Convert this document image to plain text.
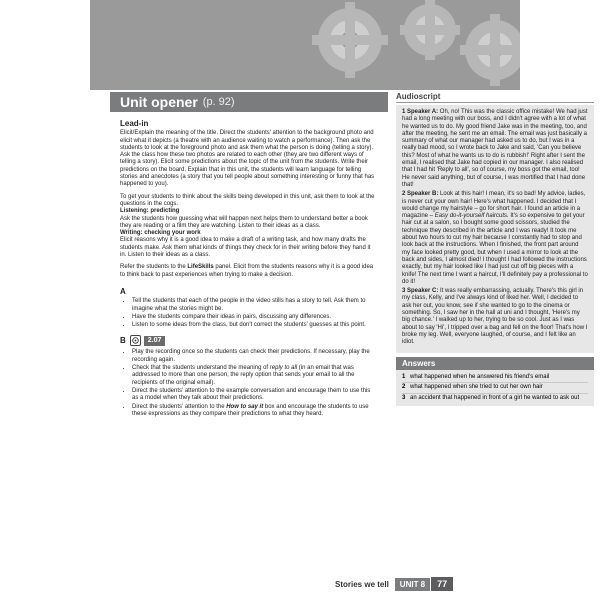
Unit opener (p. 92)
Lead-in

Elicit/Explain the meaning of the title. Direct the students' attention to the background photo and elicit what it depicts (a theatre with an audience waiting to watch a performance). Then ask the students to look at the foreground photo and ask them what the person is doing (telling a story). Ask the class how these two photos are related to each other (they are two different ways of telling a story). Elicit some predictions about the topic of the unit from the students. Write their predictions on the board. Explain that in this unit, the students will learn language for telling stories and anecdotes (a story that you tell people about something interesting or funny that has happened to you).

To get your students to think about the skills being developed in this unit, ask them to look at the questions in the cogs.

Listening: predicting

Ask the students how guessing what will happen next helps them to understand better a book they are reading or a film they are watching. Listen to their ideas as a class.

Writing: checking your work

Elicit reasons why it is a good idea to make a draft of a writing task, and how many drafts the students make. Ask them what kinds of things they check for in their writing before they hand it in. Listen to their ideas as a class.

Refer the students to the LifeSkills panel. Elicit from the students reasons why it is a good idea to think back to past experiences when trying to make a decision.

A
• Tell the students that each of the people in the video stills has a story to tell. Ask them to imagine what the stories might be.
• Have the students compare their ideas in pairs, discussing any differences.
• Listen to some ideas from the class, but don't correct the students' guesses at this point.
B	2.07
• Play the recording once so the students can check their predictions. If necessary, play the recording again.
• Check that the students understand the meaning of reply to all (in an email that was addressed to more than one person, the reply option that sends your email to all the recipients of the original email).
• Direct the students' attention to the example conversation and encourage them to use this as a model when they talk about their predictions.
• Direct the students' attention to the How to say it box and encourage the students to use these expressions as they compare their predictions to what they heard.
Audioscript

1 Speaker A: Oh, no! This was the classic office mistake! We had just had a long meeting with our boss, and I didn't agree with a lot of what he wanted us to do. My good friend Jake was in the meeting, too, and after the meeting, he sent me an email. The email was just basically a summary of what our manager had asked us to do, but I was in a really bad mood, so I wrote back to Jake and said, 'Can you believe this? Most of what he wants us to do is rubbish!' Right after I sent the email, I realised that Jake had copied in our manager. I also realised that I had hit 'Reply to all', so of course, my boss got the email, too! He never said anything, but of course, I was mortified that I had done that!

2 Speaker B: Look at this hair! I mean, it's so bad! My advice, ladies, is never cut your own hair! Here's what happened. I decided that I would change my hairstyle – go for short hair. I found an article in a magazine – Easy do-it-yourself haircuts. It's so expensive to get your hair cut at a salon, so I bought some good scissors, studied the technique they described in the article and I was ready! It took me about two hours to cut my hair because I constantly had to stop and look back at the instructions. When I finished, the front part around my face looked pretty good, but when I used a mirror to look at the back and sides, I almost died! I thought I had followed the instructions exactly, but my hair looked like I had just cut off big pieces with a knife! The next time I want a haircut, I'll definitely pay a professional to do it!

3 Speaker C: It was really embarrassing, actually. There's this girl in my class, Kelly, and I've always kind of liked her. Well, I decided to ask her out, you know, see if she wanted to go to the cinema or something. So, I saw her in the hall at uni and I thought, 'Here's my big chance.' I walked up to her, trying to be so cool. Just as I was about to say 'Hi', I tripped over a bag and fell on the floor! That's how I broke my leg. Well, everyone laughed, of course, and I felt like an idiot.

Answers
1 what happened when he answered his friend's email
2 what happened when she tried to cut her own hair
3 an accident that happened in front of a girl he wanted to ask out
Stories we tell	UNIT 8	77
